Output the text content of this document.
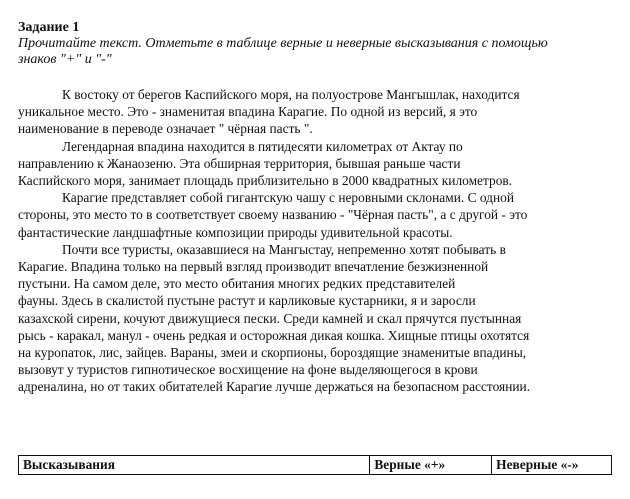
Задание 1

Прочитайте текст. Отметьте в таблице верные и неверные высказывания с помощью
знаков "+" и "-"

К востоку от берегов Каспийского моря, на полуострове Мангышлак, находится
уникальное место. Это - знаменитая впадина Карагие. По одной из версий, я это
наименование в переводе означает " чёрная пасть ".

Легендарная впадина находится в пятидесяти километрах от Актау по
направлению к Жанаозеню. Эта обширная территория, бывшая раньше части
Каспийского моря, занимает площадь приблизительно в 2000 квадратных километров.

Карагие представляет собой гигантскую чашу с неровными склонами. С одной
стороны, это место то в соответствует своему названию - "Чёрная пасть", а с другой - это
фантастические ландшафтные композиции природы удивительной красоты.

Почти все туристы, оказавшиеся на Мангыстау, непременно хотят побывать в
Карагие. Впадина только на первый взгляд производит впечатление безжизненной
пустыни. На самом деле, это место обитания многих редких представителей
фауны. Здесь в скалистой пустыне растут и карликовые кустарники, я и заросли
казахской сирени, кочуют движущиеся пески. Среди камней и скал прячутся пустынная
рысь - каракал, манул - очень редкая и осторожная дикая кошка. Хищные птицы охотятся
на куропаток, лис, зайцев. Вараны, змеи и скорпионы, бороздящие знаменитые впадины,
вызовут у туристов гипнотическое восхищение на фоне выделяющегося в крови
адреналина, но от таких обитателей Карагие лучше держаться на безопасном расстоянии.

Высказывания	Верные «+»	Неверные «-»
